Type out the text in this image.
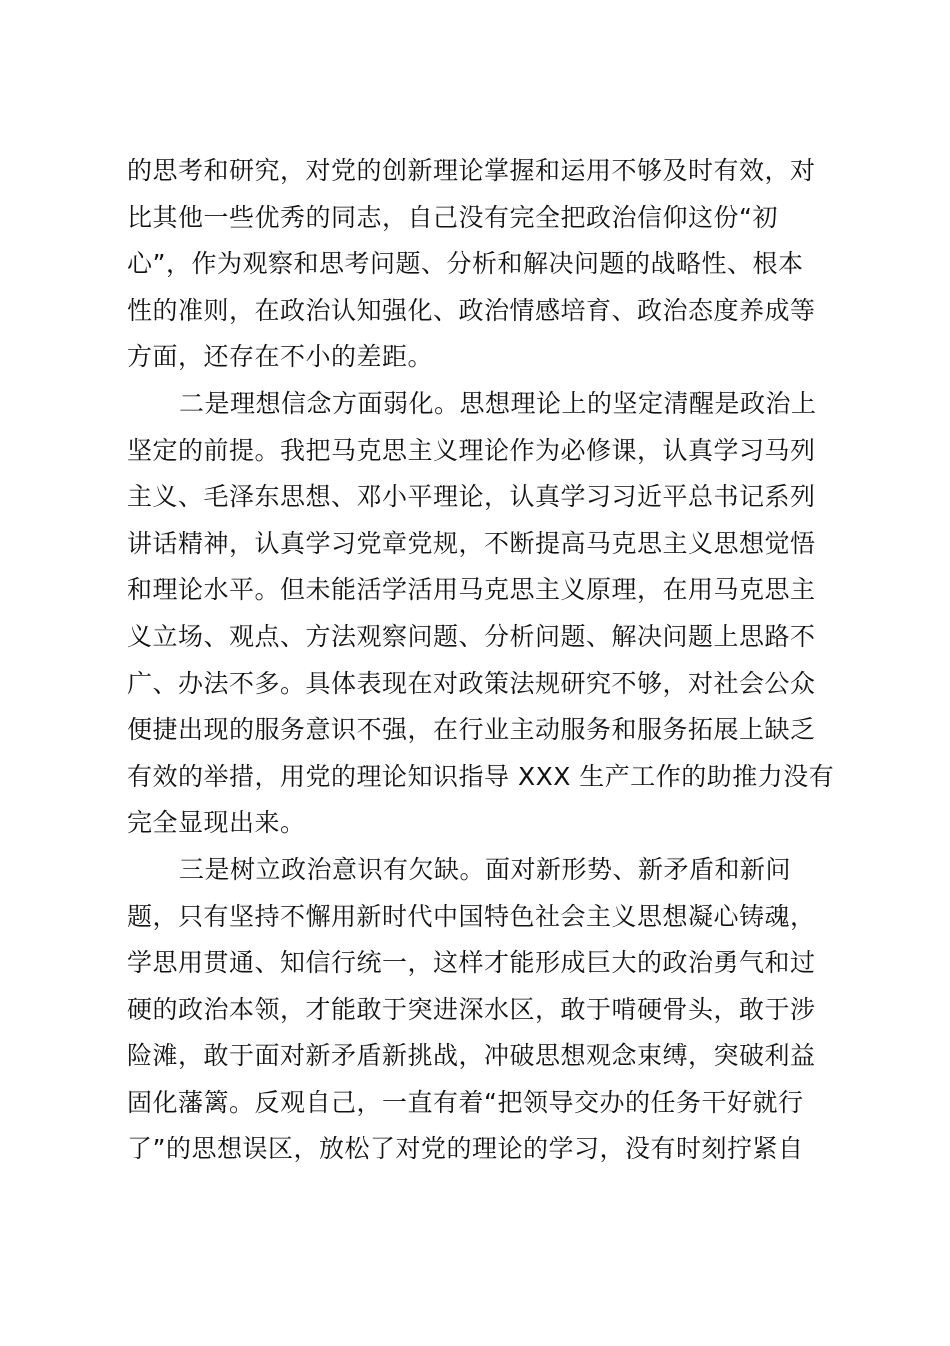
的思考和研究，对党的创新理论掌握和运用不够及时有效，对
比其他一些优秀的同志，自己没有完全把政治信仰这份“初
心”，作为观察和思考问题、分析和解决问题的战略性、根本
性的准则，在政治认知强化、政治情感培育、政治态度养成等
方面，还存在不小的差距。
二是理想信念方面弱化。思想理论上的坚定清醒是政治上
坚定的前提。我把马克思主义理论作为必修课，认真学习马列
主义、毛泽东思想、邓小平理论，认真学习习近平总书记系列
讲话精神，认真学习党章党规，不断提高马克思主义思想觉悟
和理论水平。但未能活学活用马克思主义原理，在用马克思主
义立场、观点、方法观察问题、分析问题、解决问题上思路不
广、办法不多。具体表现在对政策法规研究不够，对社会公众
便捷出现的服务意识不强，在行业主动服务和服务拓展上缺乏
有效的举措，用党的理论知识指导 XXX 生产工作的助推力没有
完全显现出来。
三是树立政治意识有欠缺。面对新形势、新矛盾和新问
题，只有坚持不懈用新时代中国特色社会主义思想凝心铸魂，
学思用贯通、知信行统一，这样才能形成巨大的政治勇气和过
硬的政治本领，才能敢于突进深水区，敢于啃硬骨头，敢于涉
险滩，敢于面对新矛盾新挑战，冲破思想观念束缚，突破利益
固化藩篱。反观自己，一直有着“把领导交办的任务干好就行
了”的思想误区，放松了对党的理论的学习，没有时刻拧紧自
